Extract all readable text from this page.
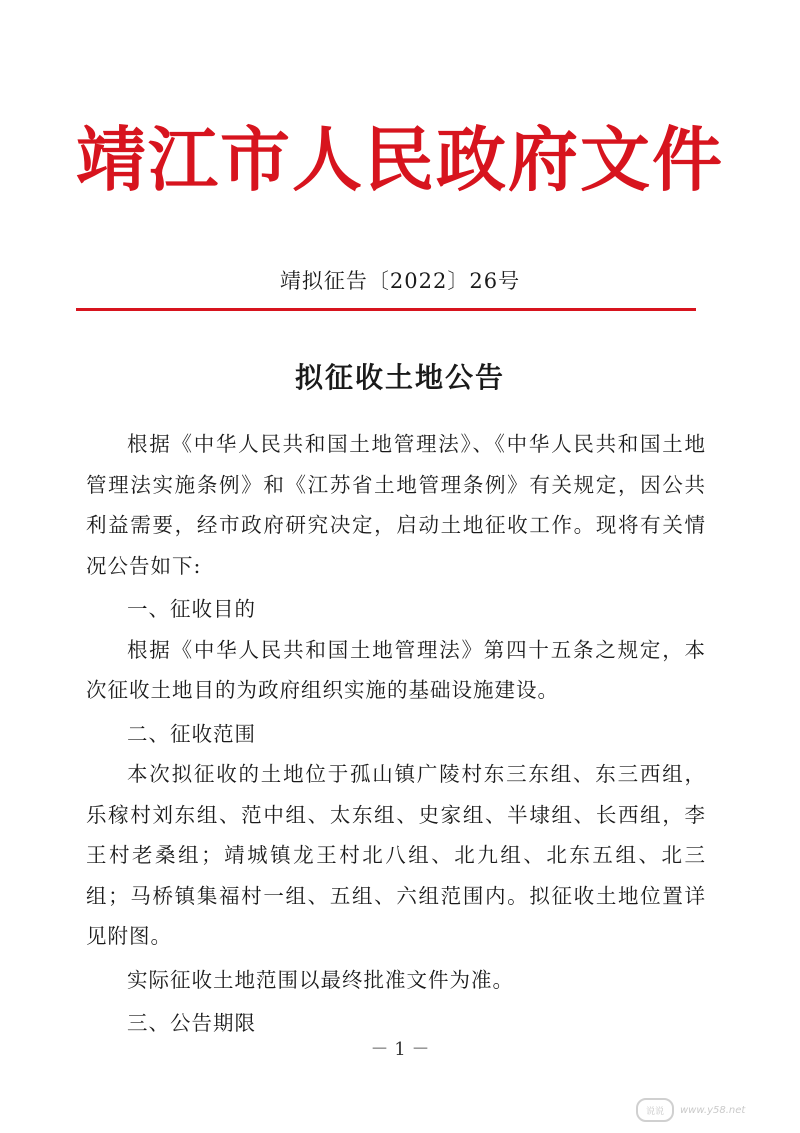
靖江市人民政府文件
靖拟征告〔2022〕26号
拟征收土地公告

根据《中华人民共和国土地管理法》、《中华人民共和国土地管理法实施条例》和《江苏省土地管理条例》有关规定，因公共利益需要，经市政府研究决定，启动土地征收工作。现将有关情况公告如下:

一、征收目的

根据《中华人民共和国土地管理法》第四十五条之规定，本次征收土地目的为政府组织实施的基础设施建设。

二、征收范围

本次拟征收的土地位于孤山镇广陵村东三东组、东三西组，乐稼村刘东组、范中组、太东组、史家组、半埭组、长西组，李王村老桑组；靖城镇龙王村北八组、北九组、北东五组、北三组；马桥镇集福村一组、五组、六组范围内。拟征收土地位置详见附图。

实际征收土地范围以最终批准文件为准。

三、公告期限

－ 1 －
说说	www.y58.net
